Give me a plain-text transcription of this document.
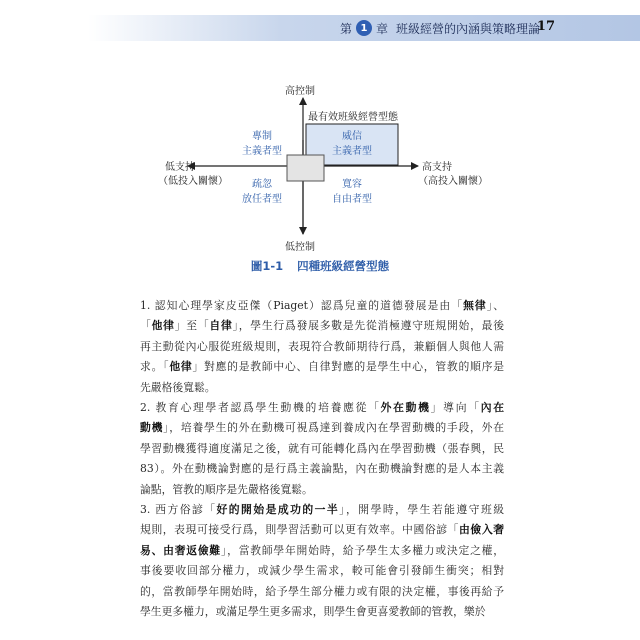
第 1 章 班級經營的內涵與策略理論
17
高控制
低控制
低支持
（低投入關懷）
高支持
（高投入關懷）
最有效班級經營型態
專制
主義者型
威信
主義者型
疏忽
放任者型
寬容
自由者型
圖1-1 四種班級經營型態

1. 認知心理學家皮亞傑（Piaget）認爲兒童的道德發展是由「無律」、
「他律」至「自律」，學生行爲發展多數是先從消極遵守班規開始，最後
再主動從內心服從班級規則，表現符合教師期待行爲，兼顧個人與他人需
求。「他律」對應的是教師中心、自律對應的是學生中心，管教的順序是
先嚴格後寬鬆。

2. 教育心理學者認爲學生動機的培養應從「外在動機」導向「內在
動機」，培養學生的外在動機可視爲達到養成內在學習動機的手段，外在
學習動機獲得適度滿足之後，就有可能轉化爲內在學習動機（張春興，民
83）。外在動機論對應的是行爲主義論點，內在動機論對應的是人本主義
論點，管教的順序是先嚴格後寬鬆。

3. 西方俗諺「好的開始是成功的一半」，開學時，學生若能遵守班級
規則，表現可接受行爲，則學習活動可以更有效率。中國俗諺「由儉入奢
易、由奢返儉難」，當教師學年開始時，給予學生太多權力或決定之權，
事後要收回部分權力，或減少學生需求，較可能會引發師生衝突；相對
的，當教師學年開始時，給予學生部分權力或有限的決定權，事後再給予
學生更多權力，或滿足學生更多需求，則學生會更喜愛教師的管教，樂於
